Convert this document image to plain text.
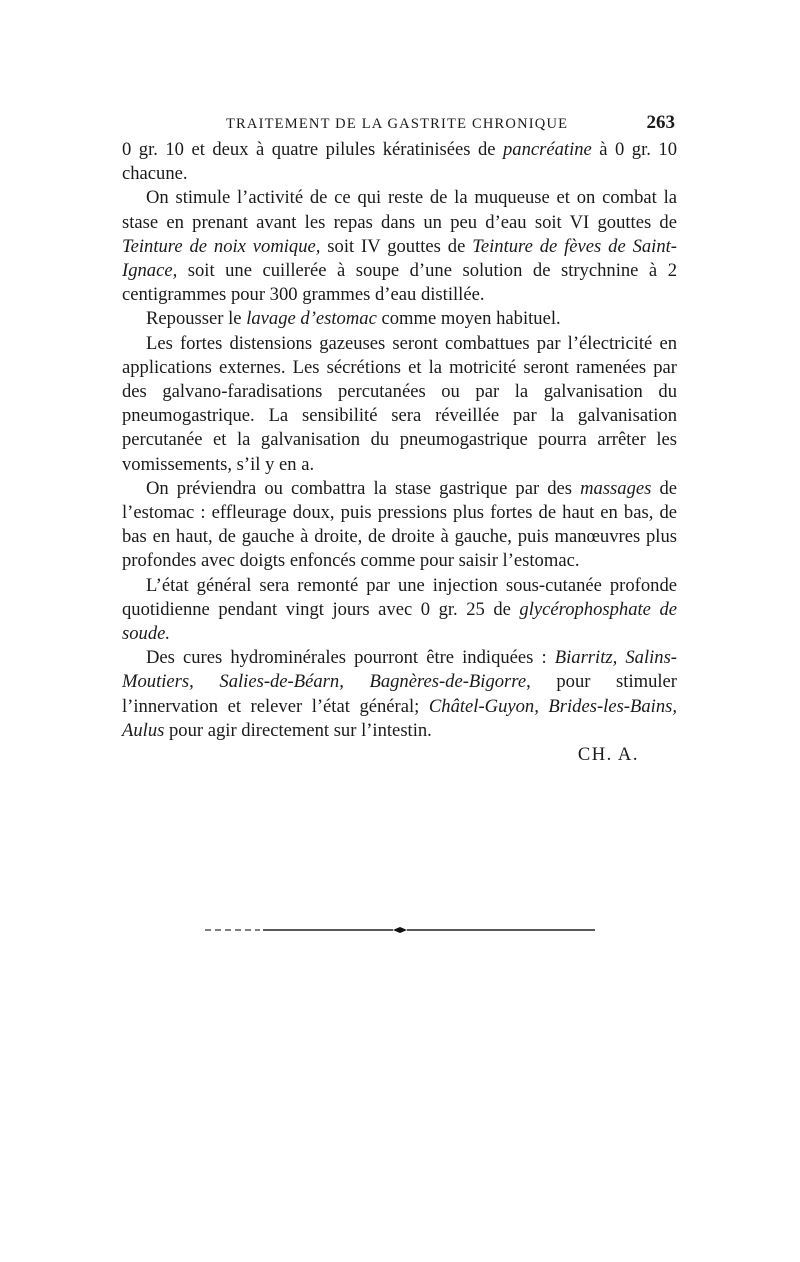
TRAITEMENT DE LA GASTRITE CHRONIQUE	263

0 gr. 10 et deux à quatre pilules kératinisées de pancréatine à 0 gr. 10 chacune.

On stimule l’activité de ce qui reste de la muqueuse et on combat la stase en prenant avant les repas dans un peu d’eau soit VI gouttes de Teinture de noix vomique, soit IV gouttes de Teinture de fèves de Saint-Ignace, soit une cuillerée à soupe d’une solution de strychnine à 2 centigrammes pour 300 grammes d’eau distillée.

Repousser le lavage d’estomac comme moyen habituel.

Les fortes distensions gazeuses seront combattues par l’électricité en applications externes. Les sécrétions et la motricité seront ramenées par des galvano-faradisations percutanées ou par la galvanisation du pneumogastrique. La sensibilité sera réveillée par la galvanisation percutanée et la galvanisation du pneumogastrique pourra arrêter les vomissements, s’il y en a.

On préviendra ou combattra la stase gastrique par des massages de l’estomac : effleurage doux, puis pressions plus fortes de haut en bas, de bas en haut, de gauche à droite, de droite à gauche, puis manœuvres plus profondes avec doigts enfoncés comme pour saisir l’estomac.

L’état général sera remonté par une injection sous-cutanée profonde quotidienne pendant vingt jours avec 0 gr. 25 de glycérophosphate de soude.

Des cures hydrominérales pourront être indiquées : Biarritz, Salins-Moutiers, Salies-de-Béarn, Bagnères-de-Bigorre, pour stimuler l’innervation et relever l’état général; Châtel-Guyon, Brides-les-Bains, Aulus pour agir directement sur l’intestin.

CH. A.
